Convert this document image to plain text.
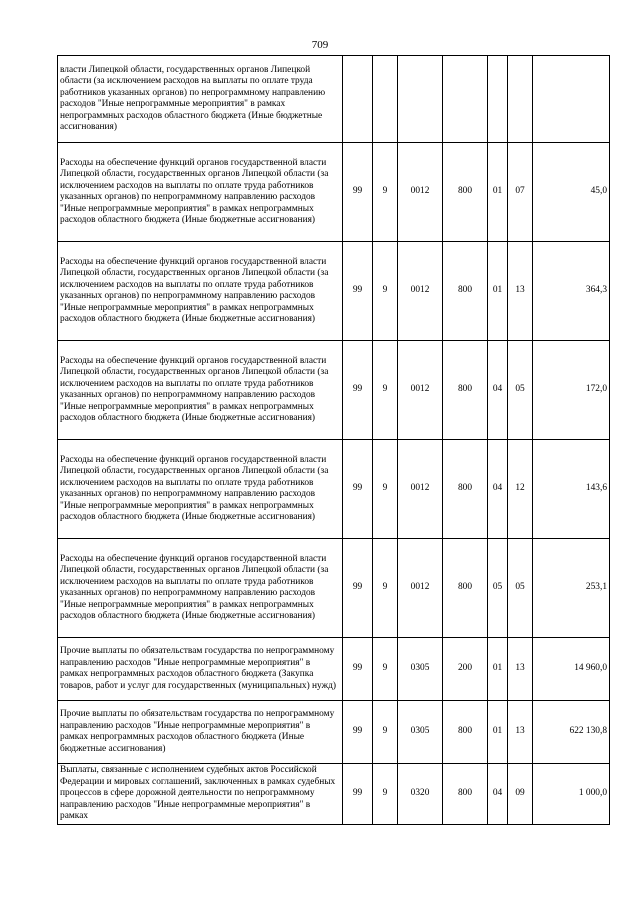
709
власти Липецкой области, государственных органов Липецкой области (за исключением расходов на выплаты по оплате труда работников указанных органов) по непрограммному направлению расходов "Иные непрограммные мероприятия" в рамках непрограммных расходов областного бюджета (Иные бюджетные ассигнования)							
Расходы на обеспечение функций органов государственной власти Липецкой области, государственных органов Липецкой области (за исключением расходов на выплаты по оплате труда работников указанных органов) по непрограммному направлению расходов "Иные непрограммные мероприятия" в рамках непрограммных расходов областного бюджета (Иные бюджетные ассигнования)	99	9	0012	800	01	07	45,0
Расходы на обеспечение функций органов государственной власти Липецкой области, государственных органов Липецкой области (за исключением расходов на выплаты по оплате труда работников указанных органов) по непрограммному направлению расходов "Иные непрограммные мероприятия" в рамках непрограммных расходов областного бюджета (Иные бюджетные ассигнования)	99	9	0012	800	01	13	364,3
Расходы на обеспечение функций органов государственной власти Липецкой области, государственных органов Липецкой области (за исключением расходов на выплаты по оплате труда работников указанных органов) по непрограммному направлению расходов "Иные непрограммные мероприятия" в рамках непрограммных расходов областного бюджета (Иные бюджетные ассигнования)	99	9	0012	800	04	05	172,0
Расходы на обеспечение функций органов государственной власти Липецкой области, государственных органов Липецкой области (за исключением расходов на выплаты по оплате труда работников указанных органов) по непрограммному направлению расходов "Иные непрограммные мероприятия" в рамках непрограммных расходов областного бюджета (Иные бюджетные ассигнования)	99	9	0012	800	04	12	143,6
Расходы на обеспечение функций органов государственной власти Липецкой области, государственных органов Липецкой области (за исключением расходов на выплаты по оплате труда работников указанных органов) по непрограммному направлению расходов "Иные непрограммные мероприятия" в рамках непрограммных расходов областного бюджета (Иные бюджетные ассигнования)	99	9	0012	800	05	05	253,1
Прочие выплаты по обязательствам государства по непрограммному направлению расходов "Иные непрограммные мероприятия" в рамках непрограммных расходов областного бюджета (Закупка товаров, работ и услуг для государственных (муниципальных) нужд)	99	9	0305	200	01	13	14 960,0
Прочие выплаты по обязательствам государства по непрограммному направлению расходов "Иные непрограммные мероприятия" в рамках непрограммных расходов областного бюджета (Иные бюджетные ассигнования)	99	9	0305	800	01	13	622 130,8
Выплаты, связанные с исполнением судебных актов Российской Федерации и мировых соглашений, заключенных в рамках судебных процессов в сфере дорожной деятельности по непрограммному направлению расходов "Иные непрограммные мероприятия" в рамках	99	9	0320	800	04	09	1 000,0
